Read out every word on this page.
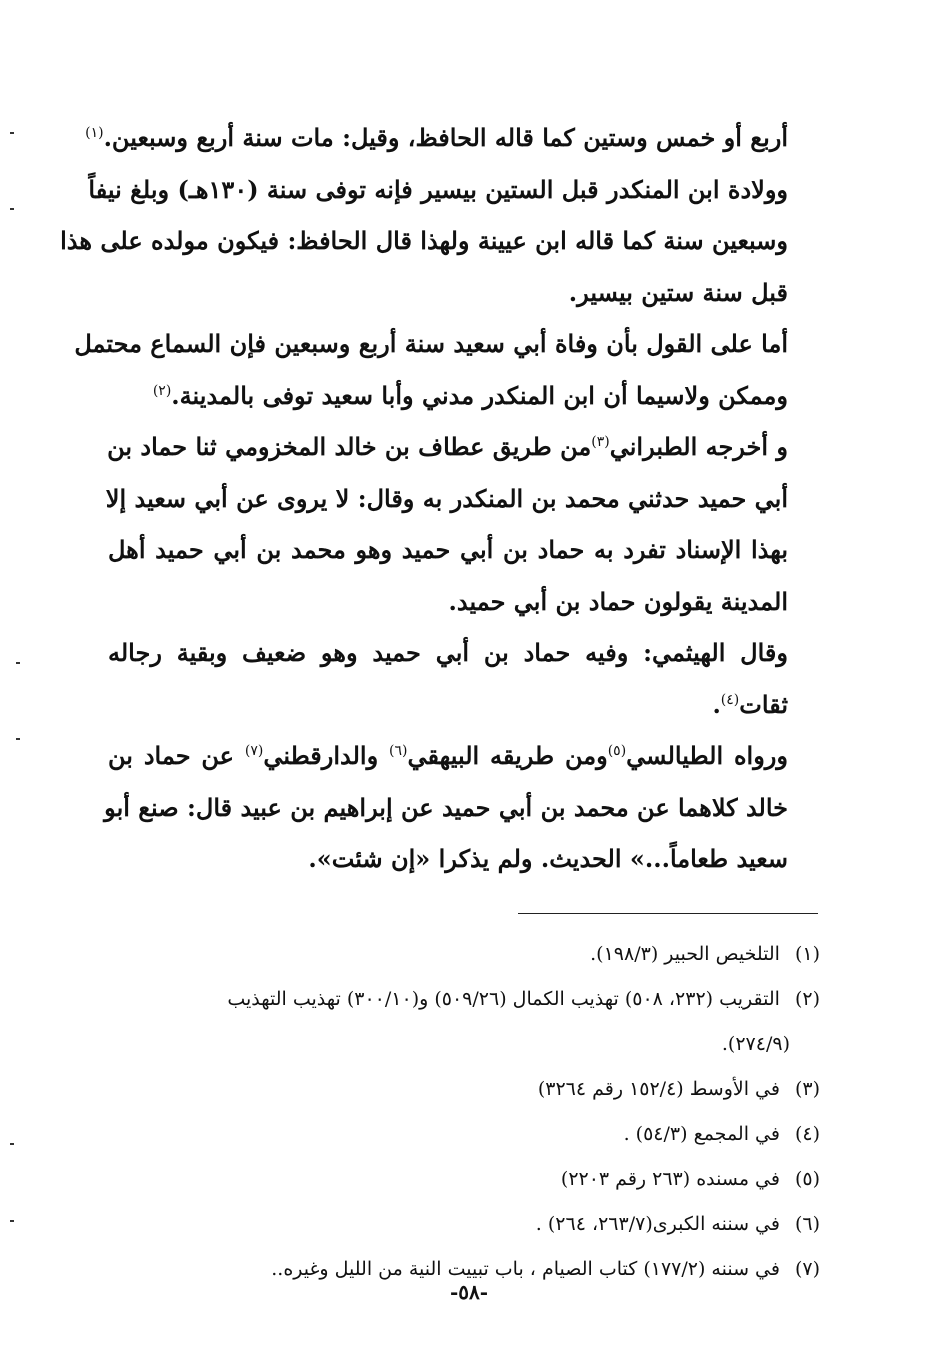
أربع أو خمس وستين كما قاله الحافظ، وقيل: مات سنة أربع وسبعين.$^{(١)}$
وولادة ابن المنكدر قبل الستين بيسير فإنه توفى سنة (١٣٠هـ) وبلغ نيفاً
وسبعين سنة كما قاله ابن عيينة ولهذا قال الحافظ: فيكون مولده على هذا
قبل سنة ستين بيسير.
أما على القول بأن وفاة أبي سعيد سنة أربع وسبعين فإن السماع محتمل
وممكن ولاسيما أن ابن المنكدر مدني وأبا سعيد توفى بالمدينة.$^{(٢)}$
و أخرجه الطبراني$^{(٣)}$من طريق عطاف بن خالد المخزومي ثنا حماد بن
أبي حميد حدثني محمد بن المنكدر به وقال: لا يروى عن أبي سعيد إلا
بهذا الإسناد تفرد به حماد بن أبي حميد وهو محمد بن أبي حميد أهل
المدينة يقولون حماد بن أبي حميد.
وقال الهيثمي: وفيه حماد بن أبي حميد وهو ضعيف وبقية رجاله
ثقات$^{(٤)}$.
ورواه الطيالسي$^{(٥)}$ومن طريقه البيهقي$^{(٦)}$ والدارقطني$^{(٧)}$ عن حماد بن
خالد كلاهما عن محمد بن أبي حميد عن إبراهيم بن عبيد قال: صنع أبو
سعيد طعاماً...» الحديث. ولم يذكرا «إن شئت».
(١) التلخيص الحبير (١٩٨/٣).
(٢) التقريب (٢٣٢، ٥٠٨) تهذيب الكمال (٥٠٩/٢٦) و(٣٠٠/١٠) تهذيب التهذيب
(٢٧٤/٩).
(٣) في الأوسط (١٥٢/٤ رقم ٣٢٦٤)
(٤) في المجمع (٥٤/٣) .
(٥) في مسنده (٢٦٣ رقم ٢٢٠٣)
(٦) في سننه الكبرى(٢٦٣/٧، ٢٦٤) .
(٧) في سننه (١٧٧/٢) كتاب الصيام ، باب تبييت النية من الليل وغيره..
-٥٨-
